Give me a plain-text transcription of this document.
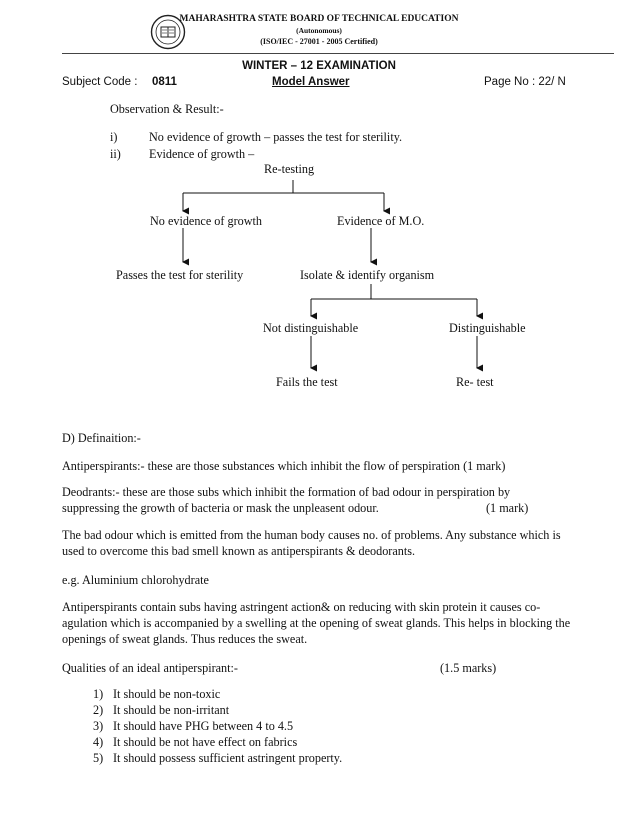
MAHARASHTRA STATE BOARD OF TECHNICAL EDUCATION
(Autonomous)
(ISO/IEC - 27001 - 2005 Certified)
WINTER – 12 EXAMINATION
Subject Code : 0811	Model Answer	Page No : 22/ N
Observation & Result:-
i)	No evidence of growth – passes the test for sterility.
ii) Evidence of growth –
Re-testing
No evidence of growth	Evidence of M.O.
Passes the test for sterility	Isolate & identify organism
Not distinguishable	Distinguishable
Fails the test	Re- test
D) Definaition:-
Antiperspirants:- these are those substances which inhibit the flow of perspiration (1 mark)
Deodrants:- these are those subs which inhibit the formation of bad odour in perspiration by
suppressing the growth of bacteria or mask the unpleasent odour.	(1 mark)
The bad odour which is emitted from the human body causes no. of problems. Any substance which is used to overcome this bad smell known as antiperspirants & deodorants.
e.g. Aluminium chlorohydrate
Antiperspirants contain subs having astringent action& on reducing with skin protein it causes co-agulation which is accompanied by a swelling at the opening of sweat glands. This helps in blocking the openings of sweat glands. Thus reduces the sweat.
Qualities of an ideal antiperspirant:-	(1.5 marks)
1) It should be non-toxic
2) It should be non-irritant
3) It should have PHG between 4 to 4.5
4) It should be not have effect on fabrics
5) It should possess sufficient astringent property.
